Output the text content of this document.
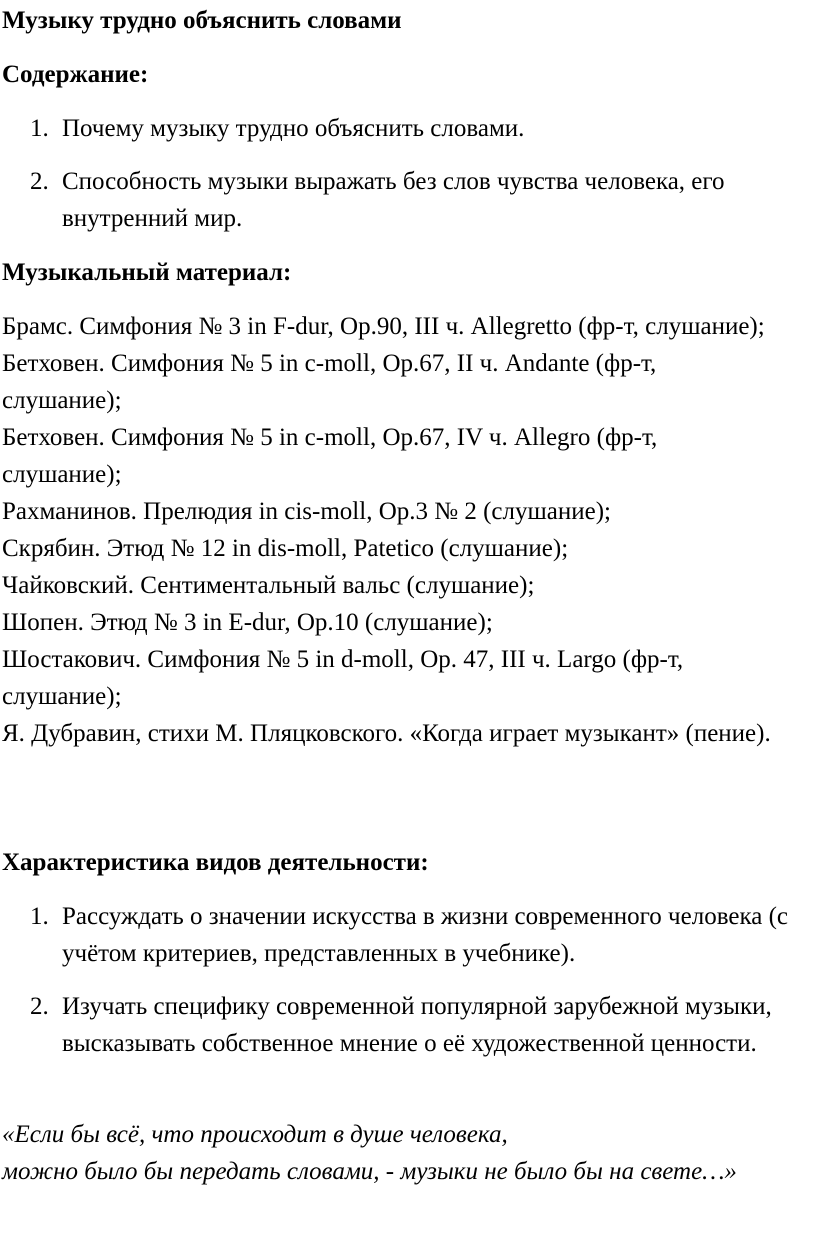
Музыку трудно объяснить словами
Содержание:
1. Почему музыку трудно объяснить словами.
2. Способность музыки выражать без слов чувства человека, его внутренний мир.
Музыкальный материал:
Брамс. Симфония № 3 in F-dur, Op.90, III ч. Allegretto (фр-т, слушание);
Бетховен. Симфония № 5 in c-moll, Op.67, II ч. Andante (фр-т, слушание);
Бетховен. Симфония № 5 in c-moll, Op.67, IV ч. Allegro (фр-т, слушание);
Рахманинов. Прелюдия in cis-moll, Op.3 № 2 (слушание);
Скрябин. Этюд № 12 in dis-moll, Patetico (слушание);
Чайковский. Сентиментальный вальс (слушание);
Шопен. Этюд № 3 in E-dur, Op.10 (слушание);
Шостакович. Симфония № 5 in d-moll, Op. 47, III ч. Largo (фр-т, слушание);
Я. Дубравин, стихи М. Пляцковского. «Когда играет музыкант» (пение).
Характеристика видов деятельности:
1. Рассуждать о значении искусства в жизни современного человека (с учётом критериев, представленных в учебнике).
2. Изучать специфику современной популярной зарубежной музыки, высказывать собственное мнение о её художественной ценности.
«Если бы всё, что происходит в душе человека,
можно было бы передать словами, - музыки не было бы на свете…»
